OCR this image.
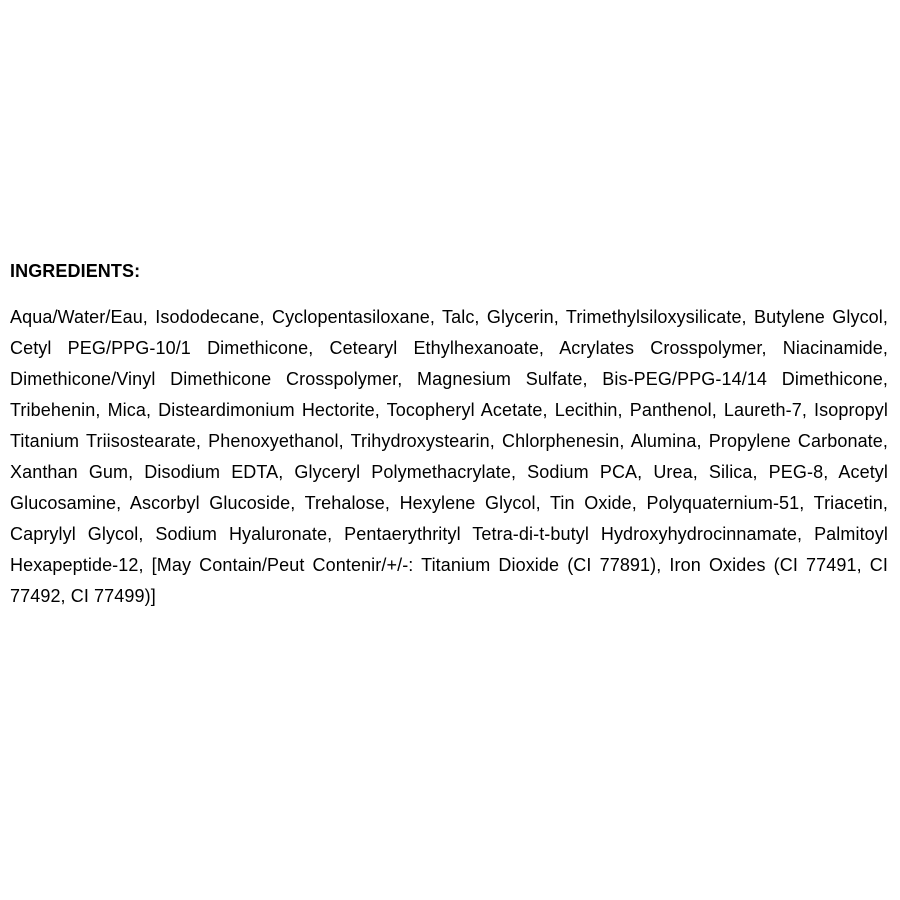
INGREDIENTS:

Aqua/Water/Eau, Isododecane, Cyclopentasiloxane, Talc, Glycerin, Trimethylsiloxysilicate, Butylene Glycol, Cetyl PEG/PPG-10/1 Dimethicone, Cetearyl Ethylhexanoate, Acrylates Crosspolymer, Niacinamide, Dimethicone/Vinyl Dimethicone Crosspolymer, Magnesium Sulfate, Bis-PEG/PPG-14/14 Dimethicone, Tribehenin, Mica, Disteardimonium Hectorite, Tocopheryl Acetate, Lecithin, Panthenol, Laureth-7, Isopropyl Titanium Triisostearate, Phenoxyethanol, Trihydroxystearin, Chlorphenesin, Alumina, Propylene Carbonate, Xanthan Gum, Disodium EDTA, Glyceryl Polymethacrylate, Sodium PCA, Urea, Silica, PEG-8, Acetyl Glucosamine, Ascorbyl Glucoside, Trehalose, Hexylene Glycol, Tin Oxide, Polyquaternium-51, Triacetin, Caprylyl Glycol, Sodium Hyaluronate, Pentaerythrityl Tetra-di-t-butyl Hydroxyhydrocinnamate, Palmitoyl Hexapeptide-12, [May Contain/Peut Contenir/+/-: Titanium Dioxide (CI 77891), Iron Oxides (CI 77491, CI 77492, CI 77499)]
